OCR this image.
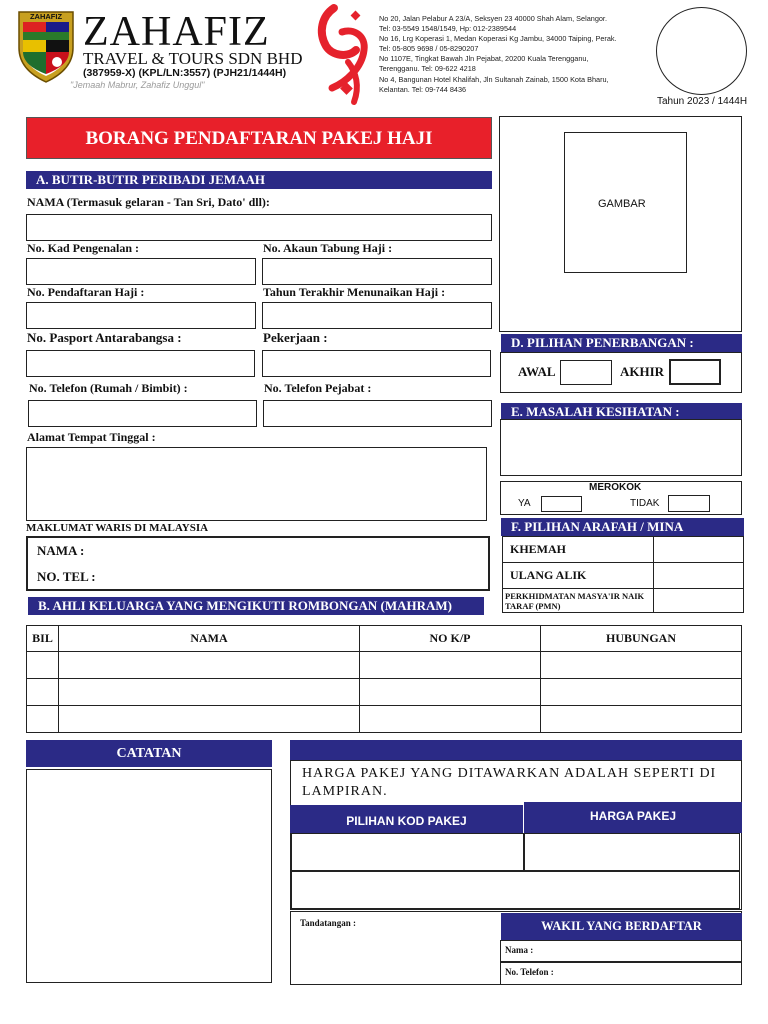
ZAHAFIZ ZAHAFIZ
TRAVEL & TOURS SDN BHD
(387959-X) (KPL/LN:3557) (PJH21/1444H)
"Jemaah Mabrur, Zahafiz Unggul"
No 20, Jalan Pelabur A 23/A, Seksyen 23 40000 Shah Alam, Selangor.
Tel: 03-5549 1548/1549, Hp: 012-2389544
No 16, Lrg Koperasi 1, Medan Koperasi Kg Jambu, 34000 Taiping, Perak.
Tel: 05-805 9698 / 05-8290207
No 1107E, Tingkat Bawah Jln Pejabat, 20200 Kuala Terengganu,
Terengganu. Tel: 09-622 4218
No 4, Bangunan Hotel Khalifah, Jln Sultanah Zainab, 1500 Kota Bharu,
Kelantan. Tel: 09-744 8436
Tahun 2023 / 1444H
BORANG PENDAFTARAN PAKEJ HAJI
GAMBAR
A. BUTIR-BUTIR PERIBADI JEMAAH
NAMA (Termasuk gelaran - Tan Sri, Dato' dll):
No. Kad Pengenalan :	No. Akaun Tabung Haji :
No. Pendaftaran Haji :	Tahun Terakhir Menunaikan Haji :
No. Pasport Antarabangsa :	Pekerjaan :
No. Telefon (Rumah / Bimbit) :	No. Telefon Pejabat :
Alamat Tempat Tinggal :
MAKLUMAT WARIS DI MALAYSIA
NAMA :
NO. TEL :
D. PILIHAN PENERBANGAN :
AWAL	AKHIR
E. MASALAH KESIHATAN :
MEROKOK
YA	TIDAK
F. PILIHAN ARAFAH / MINA
KHEMAH	
ULANG ALIK	
PERKHIDMATAN MASYA'IR NAIK TARAF (PMN)	
B. AHLI KELUARGA YANG MENGIKUTI ROMBONGAN (MAHRAM)
BIL	NAMA	NO K/P	HUBUNGAN

CATATAN
HARGA PAKEJ YANG DITAWARKAN ADALAH SEPERTI DI LAMPIRAN.
PILIHAN KOD PAKEJ	HARGA PAKEJ
Tandatangan :	WAKIL YANG BERDAFTAR
Nama :
No. Telefon :
